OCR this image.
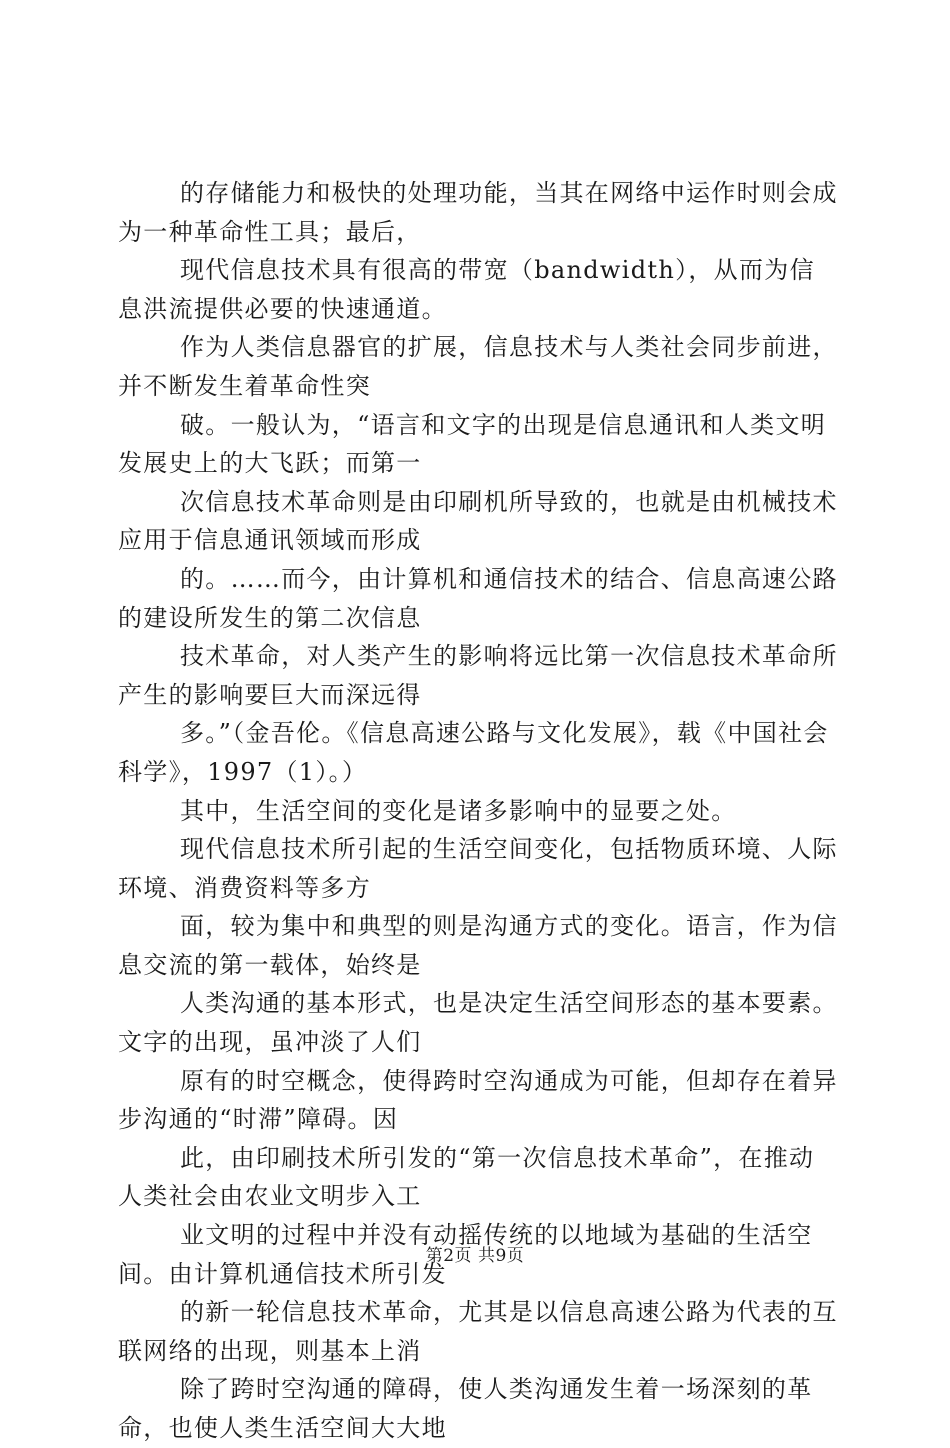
的存储能力和极快的处理功能，当其在网络中运作时则会成为一种革命性工具；最后，

现代信息技术具有很高的带宽（bandwidth），从而为信息洪流提供必要的快速通道。

作为人类信息器官的扩展，信息技术与人类社会同步前进，并不断发生着革命性突

破。一般认为，“语言和文字的出现是信息通讯和人类文明发展史上的大飞跃；而第一

次信息技术革命则是由印刷机所导致的，也就是由机械技术应用于信息通讯领域而形成

的。……而今，由计算机和通信技术的结合、信息高速公路的建设所发生的第二次信息

技术革命，对人类产生的影响将远比第一次信息技术革命所产生的影响要巨大而深远得

多。”（金吾伦。《信息高速公路与文化发展》，载《中国社会科学》，1997（1）。）

其中，生活空间的变化是诸多影响中的显要之处。

现代信息技术所引起的生活空间变化，包括物质环境、人际环境、消费资料等多方

面，较为集中和典型的则是沟通方式的变化。语言，作为信息交流的第一载体，始终是

人类沟通的基本形式，也是决定生活空间形态的基本要素。文字的出现，虽冲淡了人们

原有的时空概念，使得跨时空沟通成为可能，但却存在着异步沟通的“时滞”障碍。因

此，由印刷技术所引发的“第一次信息技术革命”，在推动人类社会由农业文明步入工

业文明的过程中并没有动摇传统的以地域为基础的生活空间。由计算机通信技术所引发

的新一轮信息技术革命，尤其是以信息高速公路为代表的互联网络的出现，则基本上消

除了跨时空沟通的障碍，使人类沟通发生着一场深刻的革命，也使人类生活空间大大地

第2页 共9页
